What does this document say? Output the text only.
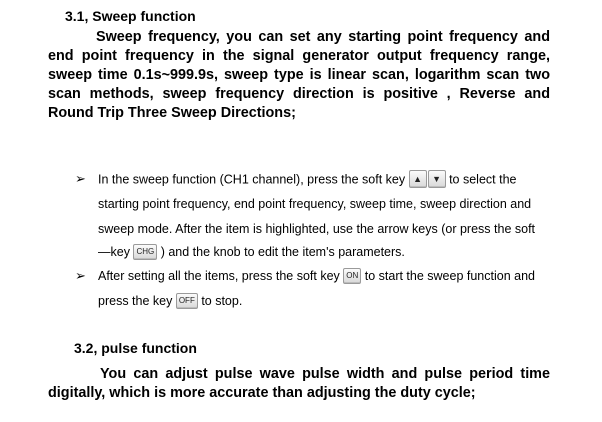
3.1, Sweep function
Sweep frequency, you can set any starting point frequency and
end point frequency in the signal generator output frequency range,
sweep time 0.1s~999.9s, sweep type is linear scan, logarithm scan two
scan methods, sweep frequency direction is positive , Reverse and
Round Trip Three Sweep Directions;
➢ In the sweep function (CH1 channel), press the soft key ▲	▼ to select the
starting point frequency, end point frequency, sweep time, sweep direction and
sweep mode. After the item is highlighted, use the arrow keys (or press the soft
—key CHG ) and the knob to edit the item's parameters.
➢ After setting all the items, press the soft key ON to start the sweep function and
press the key OFF to stop.
3.2, pulse function
You can adjust pulse wave pulse width and pulse period time
digitally, which is more accurate than adjusting the duty cycle;
